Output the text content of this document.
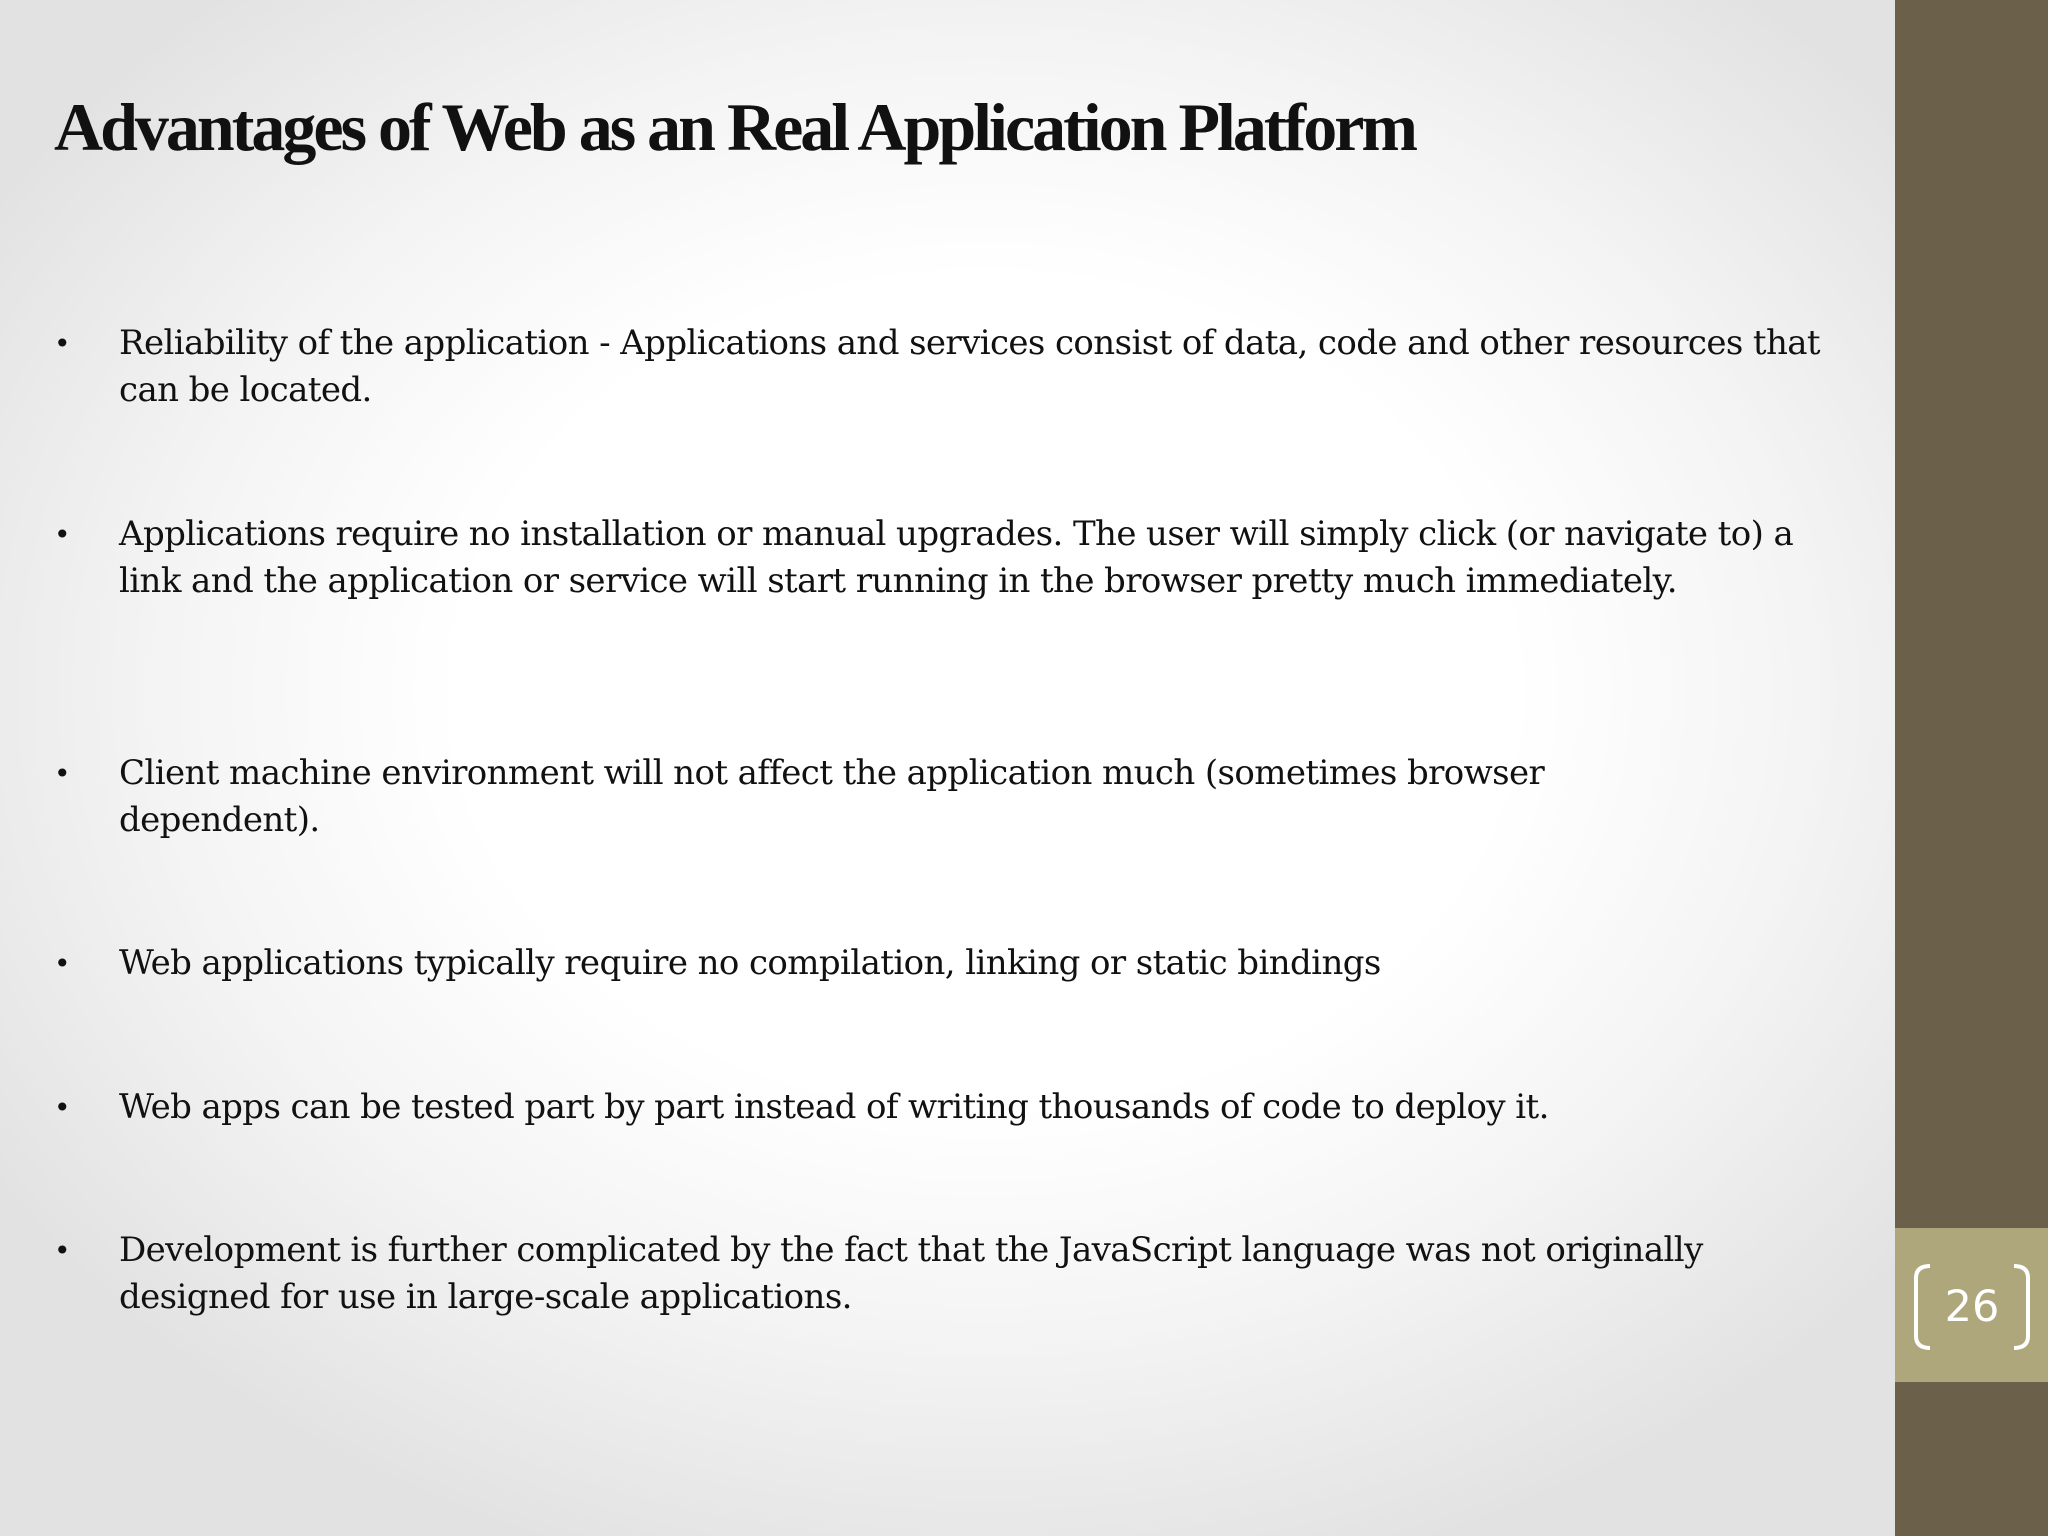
Advantages of Web as an Real Application Platform
• Reliability of the application - Applications and services consist of data, code and other resources that can be located.
• Applications require no installation or manual upgrades. The user will simply click (or navigate to) a link and the application or service will start running in the browser pretty much immediately.
• Client machine environment will not affect the application much (sometimes browser dependent).
• Web applications typically require no compilation, linking or static bindings
• Web apps can be tested part by part instead of writing thousands of code to deploy it.
• Development is further complicated by the fact that the JavaScript language was not originally designed for use in large-scale applications.	26
